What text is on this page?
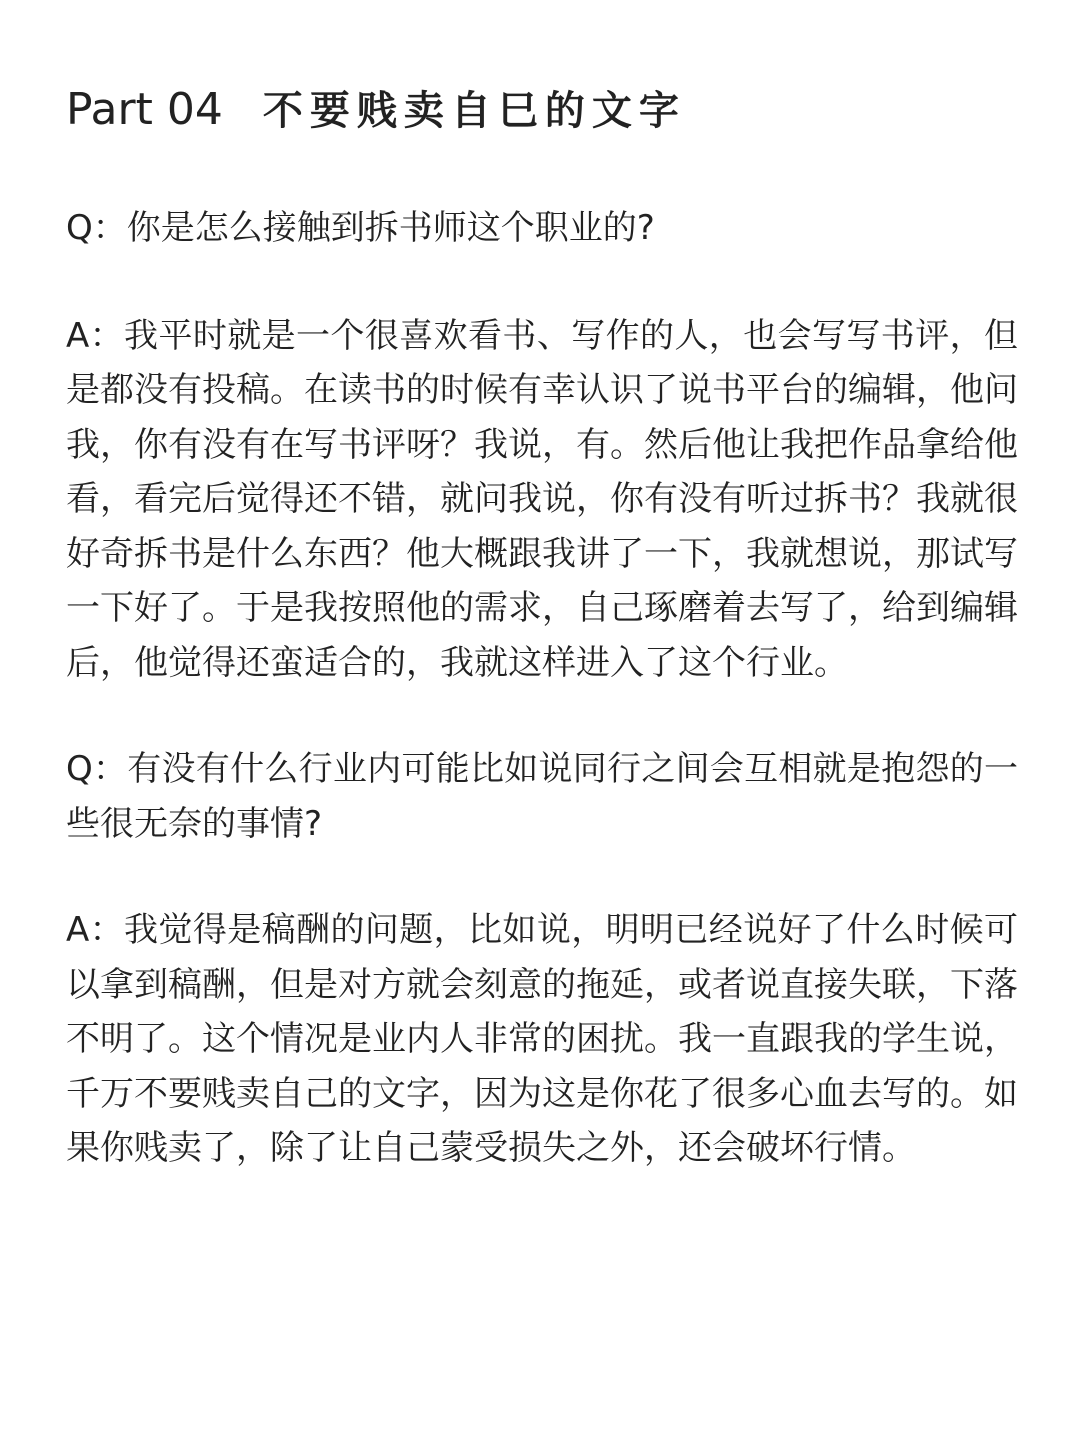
Part 04 不要贱卖自巳的文字

Q：你是怎么接触到拆书师这个职业的?

A：我平时就是一个很喜欢看书、写作的人，也会写写书评，但是都没有投稿。在读书的时候有幸认识了说书平台的编辑，他问我，你有没有在写书评呀？我说，有。然后他让我把作品拿给他看，看完后觉得还不错，就问我说，你有没有听过拆书？我就很好奇拆书是什么东西？他大概跟我讲了一下，我就想说，那试写一下好了。于是我按照他的需求，自己琢磨着去写了，给到编辑后，他觉得还蛮适合的，我就这样进入了这个行业。

Q：有没有什么行业内可能比如说同行之间会互相就是抱怨的一些很无奈的事情?

A：我觉得是稿酬的问题，比如说，明明已经说好了什么时候可以拿到稿酬，但是对方就会刻意的拖延，或者说直接失联，下落不明了。这个情况是业内人非常的困扰。我一直跟我的学生说，千万不要贱卖自己的文字，因为这是你花了很多心血去写的。如果你贱卖了，除了让自己蒙受损失之外，还会破坏行情。
